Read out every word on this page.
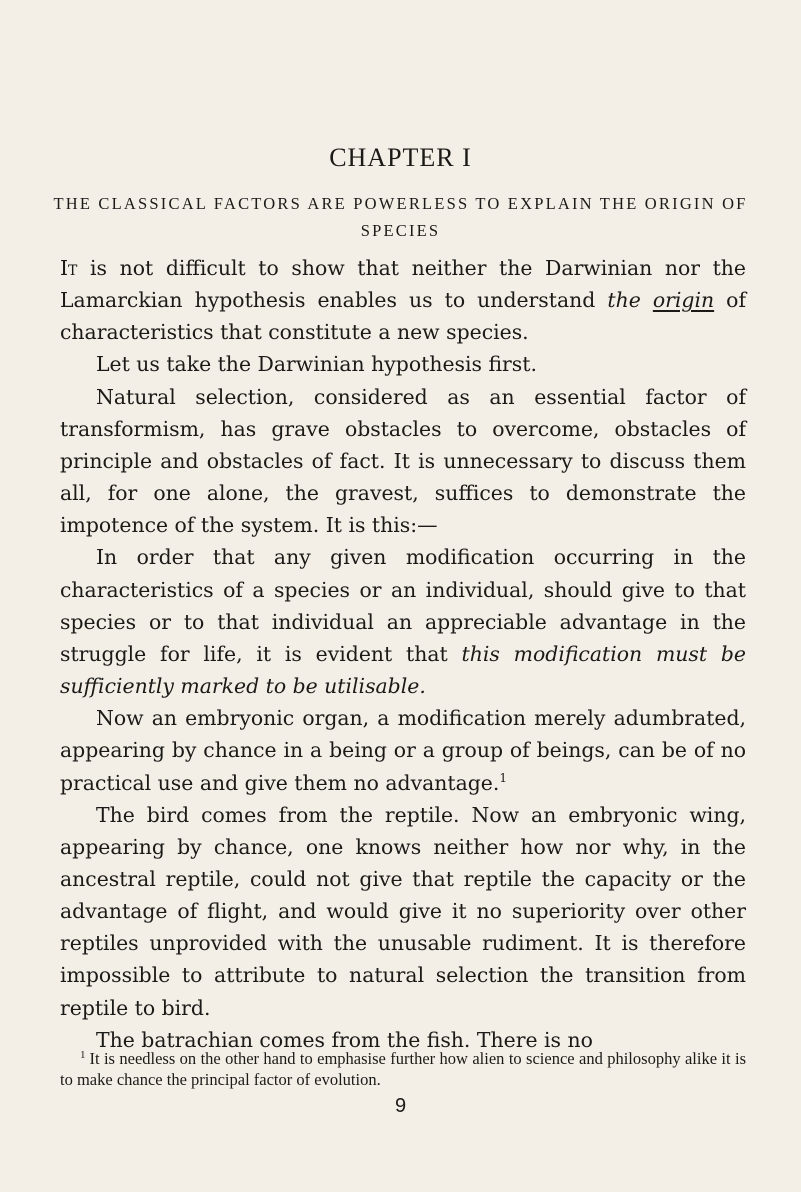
CHAPTER I
THE CLASSICAL FACTORS ARE POWERLESS TO EXPLAIN THE ORIGIN OF SPECIES

It is not difficult to show that neither the Darwinian nor the Lamarckian hypothesis enables us to understand the origin of characteristics that constitute a new species.

Let us take the Darwinian hypothesis first.

Natural selection, considered as an essential factor of transformism, has grave obstacles to overcome, obstacles of principle and obstacles of fact. It is unnecessary to discuss them all, for one alone, the gravest, suffices to demonstrate the impotence of the system. It is this:—

In order that any given modification occurring in the characteristics of a species or an individual, should give to that species or to that individual an appreciable advantage in the struggle for life, it is evident that this modification must be sufficiently marked to be utilisable.

Now an embryonic organ, a modification merely adumbrated, appearing by chance in a being or a group of beings, can be of no practical use and give them no advantage.$^1$

The bird comes from the reptile. Now an embryonic wing, appearing by chance, one knows neither how nor why, in the ancestral reptile, could not give that reptile the capacity or the advantage of flight, and would give it no superiority over other reptiles unprovided with the unusable rudiment. It is therefore impossible to attribute to natural selection the transition from reptile to bird.

The batrachian comes from the fish. There is no

$^1$ It is needless on the other hand to emphasise further how alien to science and philosophy alike it is to make chance the principal factor of evolution.
9
